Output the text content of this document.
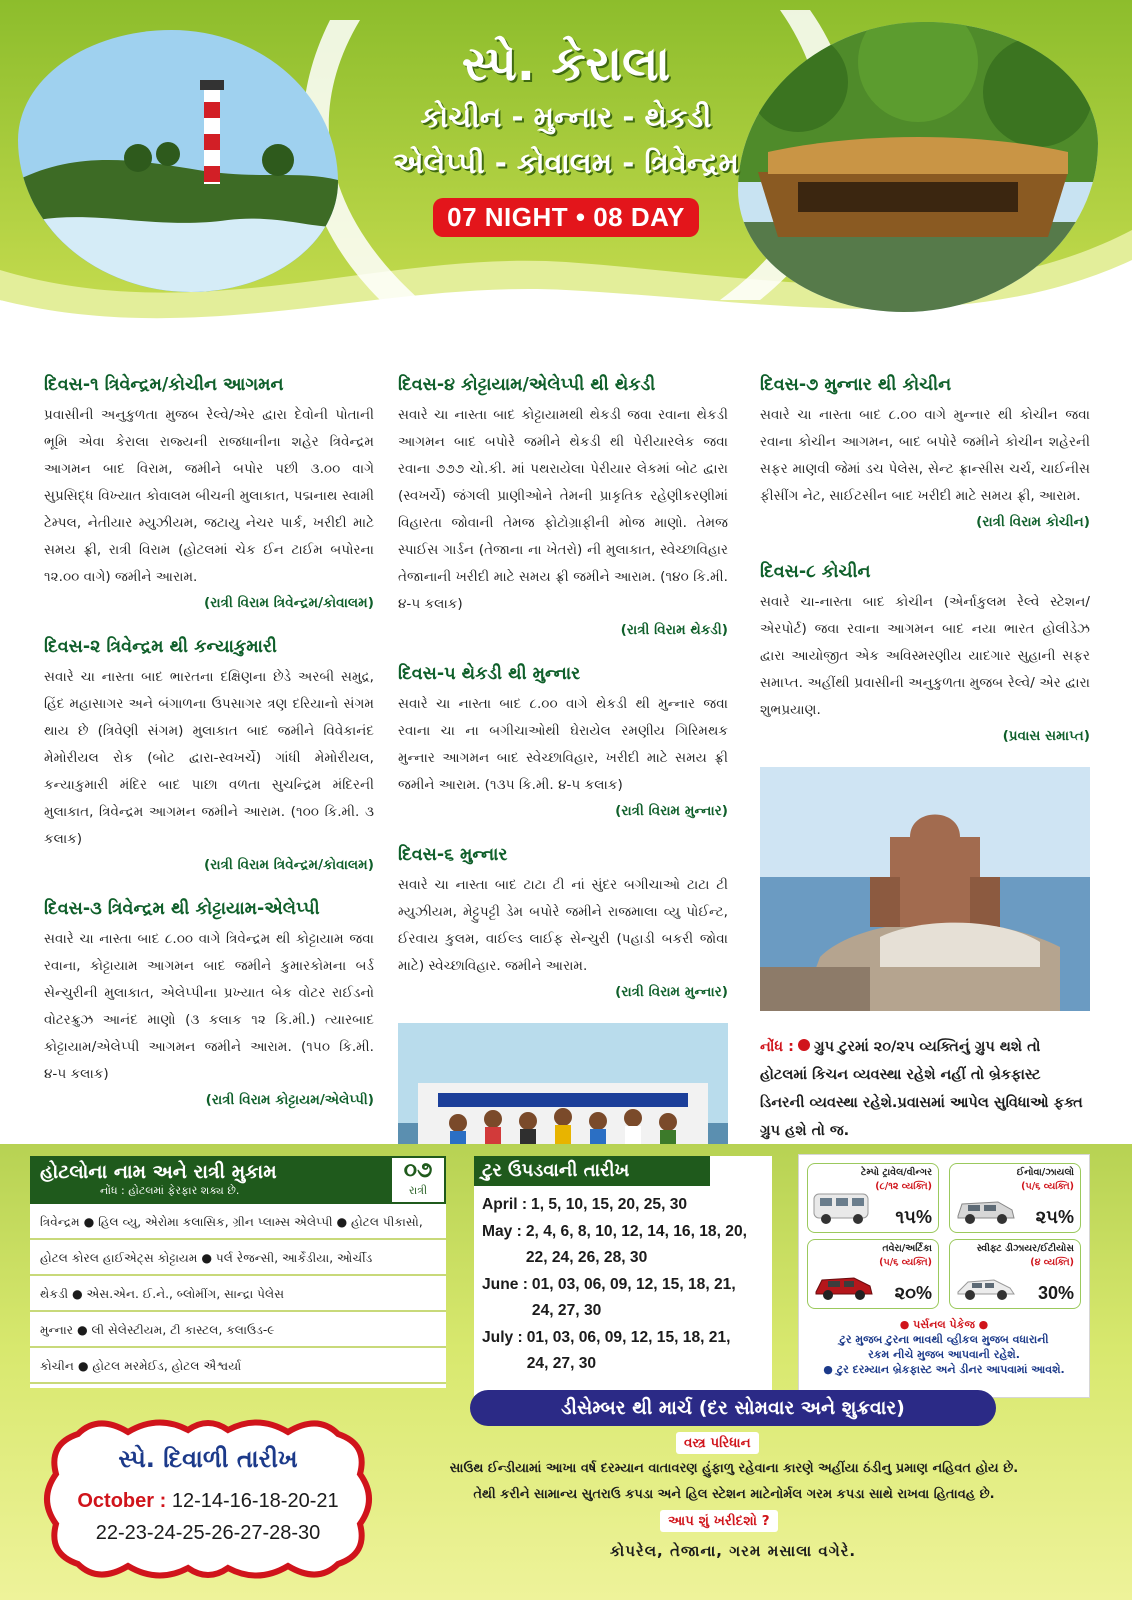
સ્પે. કેરાલા
કોચીન - મુન્નાર - થેકડી
એલેપ્પી - કોવાલમ - ત્રિવેન્દ્રમ
07 NIGHT • 08 DAY
દિવસ-૧ ત્રિવેન્દ્રમ/કોચીન આગમન
પ્રવાસીની અનુકુળતા મુજબ રેલ્વે/એર દ્વારા દેવોની પોતાની ભૂમિ એવા કેરાલા રાજ્યની રાજધાનીના શહેર ત્રિવેન્દ્રમ આગમન બાદ વિરામ, જમીને બપોર પછી ૩.૦૦ વાગે સુપ્રસિદ્ધ વિખ્યાત કોવાલમ બીચની મુલાકાત, પદ્મનાથ સ્વામી ટેમ્પલ, નેતીયાર મ્યુઝીયમ, જટાયુ નેચર પાર્ક, ખરીદી માટે સમય ફ્રી, રાત્રી વિરામ (હોટલમાં ચેક ઈન ટાઈમ બપોરના ૧૨.૦૦ વાગે) જમીને આરામ.
(રાત્રી વિરામ ત્રિવેન્દ્રમ/કોવાલમ)
દિવસ-૨ ત્રિવેન્દ્રમ થી કન્યાકુમારી
સવારે ચા નાસ્તા બાદ ભારતના દક્ષિણના છેડે અરબી સમુદ્ર, હિંદ મહાસાગર અને બંગાળના ઉપસાગર ત્રણ દરિયાનો સંગમ થાય છે (ત્રિવેણી સંગમ) મુલાકાત બાદ જમીને વિવેકાનંદ મેમોરીયલ રોક (બોટ દ્વારા-સ્વખર્ચે) ગાંધી મેમોરીયલ, કન્યાકુમારી મંદિર બાદ પાછા વળતા સુચન્દ્રિમ મંદિરની મુલાકાત, ત્રિવેન્દ્રમ આગમન જમીને આરામ. (૧૦૦ કિ.મી. ૩ કલાક)
(રાત્રી વિરામ ત્રિવેન્દ્રમ/કોવાલમ)
દિવસ-૩ ત્રિવેન્દ્રમ થી કોટ્ટાયામ-એલેપ્પી
સવારે ચા નાસ્તા બાદ ૮.૦૦ વાગે ત્રિવેન્દ્રમ થી કોટ્ટાયામ જવા રવાના, કોટ્ટાયામ આગમન બાદ જમીને કુમારકોમના બર્ડ સેન્ચુરીની મુલાકાત, એલેપ્પીના પ્રખ્યાત બેક વોટર રાઈડનો વોટરક્રુઝ આનંદ માણો (૩ કલાક ૧૨ કિ.મી.) ત્યારબાદ કોટ્ટાયામ/એલેપ્પી આગમન જમીને આરામ. (૧૫૦ કિ.મી. ૪-૫ કલાક)
(રાત્રી વિરામ કોટ્ટાયમ/એલેપ્પી)
દિવસ-૪ કોટ્ટાયામ/એલેપ્પી થી થેકડી
સવારે ચા નાસ્તા બાદ કોટ્ટાયામથી થેકડી જવા રવાના થેકડી આગમન બાદ બપોરે જમીને થેકડી થી પેરીયારલેક જવા રવાના ૭૭૭ ચો.કી. માં પથરાયેલા પેરીયાર લેકમાં બોટ દ્વારા (સ્વખર્ચે) જંગલી પ્રાણીઓને તેમની પ્રાકૃતિક રહેણીકરણીમાં વિહારતા જોવાની તેમજ ફોટોગ્રાફીની મોજ માણો. તેમજ સ્પાઈસ ગાર્ડન (તેજાના ના ખેતરો) ની મુલાકાત, સ્વેચ્છાવિહાર તેજાનાની ખરીદી માટે સમય ફ્રી જમીને આરામ. (૧૪૦ કિ.મી. ૪-૫ કલાક)
(રાત્રી વિરામ થેકડી)
દિવસ-૫ થેકડી થી મુન્નાર
સવારે ચા નાસ્તા બાદ ૮.૦૦ વાગે થેકડી થી મુન્નાર જવા રવાના ચા ના બગીચાઓથી ઘેરાયેલ રમણીય ગિરિમથક મુન્નાર આગમન બાદ સ્વેચ્છાવિહાર, ખરીદી માટે સમય ફ્રી જમીને આરામ. (૧૩૫ કિ.મી. ૪-૫ કલાક)
(રાત્રી વિરામ મુન્નાર)
દિવસ-૬ મુન્નાર
સવારે ચા નાસ્તા બાદ ટાટા ટી નાં સુંદર બગીચાઓ ટાટા ટી મ્યુઝીયમ, મેટ્ટુપટ્ટી ડેમ બપોરે જમીને રાજમાલા વ્યુ પોઈન્ટ, ઈરવાય કુલમ, વાઈલ્ડ લાઈફ સેન્ચુરી (પહાડી બકરી જોવા માટે) સ્વેચ્છાવિહાર. જમીને આરામ.
(રાત્રી વિરામ મુન્નાર)
દિવસ-૭ મુન્નાર થી કોચીન
સવારે ચા નાસ્તા બાદ ૮.૦૦ વાગે મુન્નાર થી કોચીન જવા રવાના કોચીન આગમન, બાદ બપોરે જમીને કોચીન શહેરની સફર માણવી જેમાં ડચ પેલેસ, સેન્ટ ફ્રાન્સીસ ચર્ચ, ચાઈનીસ ફીસીંગ નેટ, સાઈટસીન બાદ ખરીદી માટે સમય ફ્રી, આરામ.
(રાત્રી વિરામ કોચીન)
દિવસ-૮ કોચીન
સવારે ચા-નાસ્તા બાદ કોચીન (એર્નાકુલમ રેલ્વે સ્ટેશન/ એરપોર્ટ) જવા રવાના આગમન બાદ નયા ભારત હોલીડેઝ દ્વારા આયોજીત એક અવિસ્મરણીય યાદગાર સુહાની સફર સમાપ્ત. અહીંથી પ્રવાસીની અનુકુળતા મુજબ રેલ્વે/ એર દ્વારા શુભપ્રયાણ.
(પ્રવાસ સમાપ્ત)
નોંધ : ગ્રુપ ટુરમાં ૨૦/૨૫ વ્યક્તિનું ગ્રુપ થશે તો હોટલમાં કિચન વ્યવસ્થા રહેશે નહીં તો બ્રેકફાસ્ટ ડિનરની વ્યવસ્થા રહેશે.પ્રવાસમાં આપેલ સુવિધાઓ ફક્ત ગ્રુપ હશે તો જ.
હોટલોના નામ અને રાત્રી મુકામ
નોંધ : હોટલમાં ફેરફાર શક્ય છે.
૦૭
રાત્રી
ત્રિવેન્દ્રમ ● હિલ વ્યુ, એરોમા કલાસિક, ગ્રીન પ્લામ્સ એલેપ્પી ● હોટલ પીકાસો,
હોટલ કોરલ હાઈએટ્સ કોટ્ટાયમ ● પર્લ રેજન્સી, આર્કેડીયા, ઓર્ચીડ
થેકડી ● એસ.એન. ઈ.ને., બ્લોમીંગ, સાન્દ્રા પેલેસ
મુન્નાર ● લી સેલેસ્ટીયમ, ટી કાસ્ટલ, કલાઉડ-૯
કોચીન ● હોટલ મરમેઈડ, હોટલ ઐશ્વર્યા
ટુર ઉપડવાની તારીખ
April : 1, 5, 10, 15, 20, 25, 30
May : 2, 4, 6, 8, 10, 12, 14, 16, 18, 20,
22, 24, 26, 28, 30
June : 01, 03, 06, 09, 12, 15, 18, 21,
24, 27, 30
July : 01, 03, 06, 09, 12, 15, 18, 21,
24, 27, 30
ટેમ્પો ટ્રાવેલ/વીન્ગર
(૮/૧૨ વ્યક્તિ)
૧૫%
ઈનોવા/ઝાયલો
(૫/૬ વ્યક્તિ)
૨૫%
તવેરા/અર્ટિકા
(૫/૬ વ્યક્તિ)
૨૦%
સ્વીફ્ટ ડીઝાયર/ઈટીયોસ
(૪ વ્યક્તિ)
30%
● પર્સનલ પેકેજ ●
ટુર મુજબ ટુરના ભાવથી વ્હીકલ મુજબ વધારાની
રકમ નીચે મુજબ આપવાની રહેશે.
● ટુર દરમ્યાન બ્રેકફાસ્ટ અને ડીનર આપવામાં આવશે.
ડીસેમ્બર થી માર્ચ (દર સોમવાર અને શુક્રવાર)
સ્પે. દિવાળી તારીખ
October : 12-14-16-18-20-21
22-23-24-25-26-27-28-30
વસ્ત્ર પરિધાન
સાઉથ ઈન્ડીયામાં આખા વર્ષ દરમ્યાન વાતાવરણ હુંફાળુ રહેવાના કારણે અહીંયા ઠંડીનુ પ્રમાણ નહિવત હોય છે.
તેથી કરીને સામાન્ય સુતરાઉ કપડા અને હિલ સ્ટેશન માટેનોર્મલ ગરમ કપડા સાથે રાખવા હિતાવહ છે.
આપ શું ખરીદશો ?
કોપરેલ, તેજાના, ગરમ મસાલા વગેરે.
